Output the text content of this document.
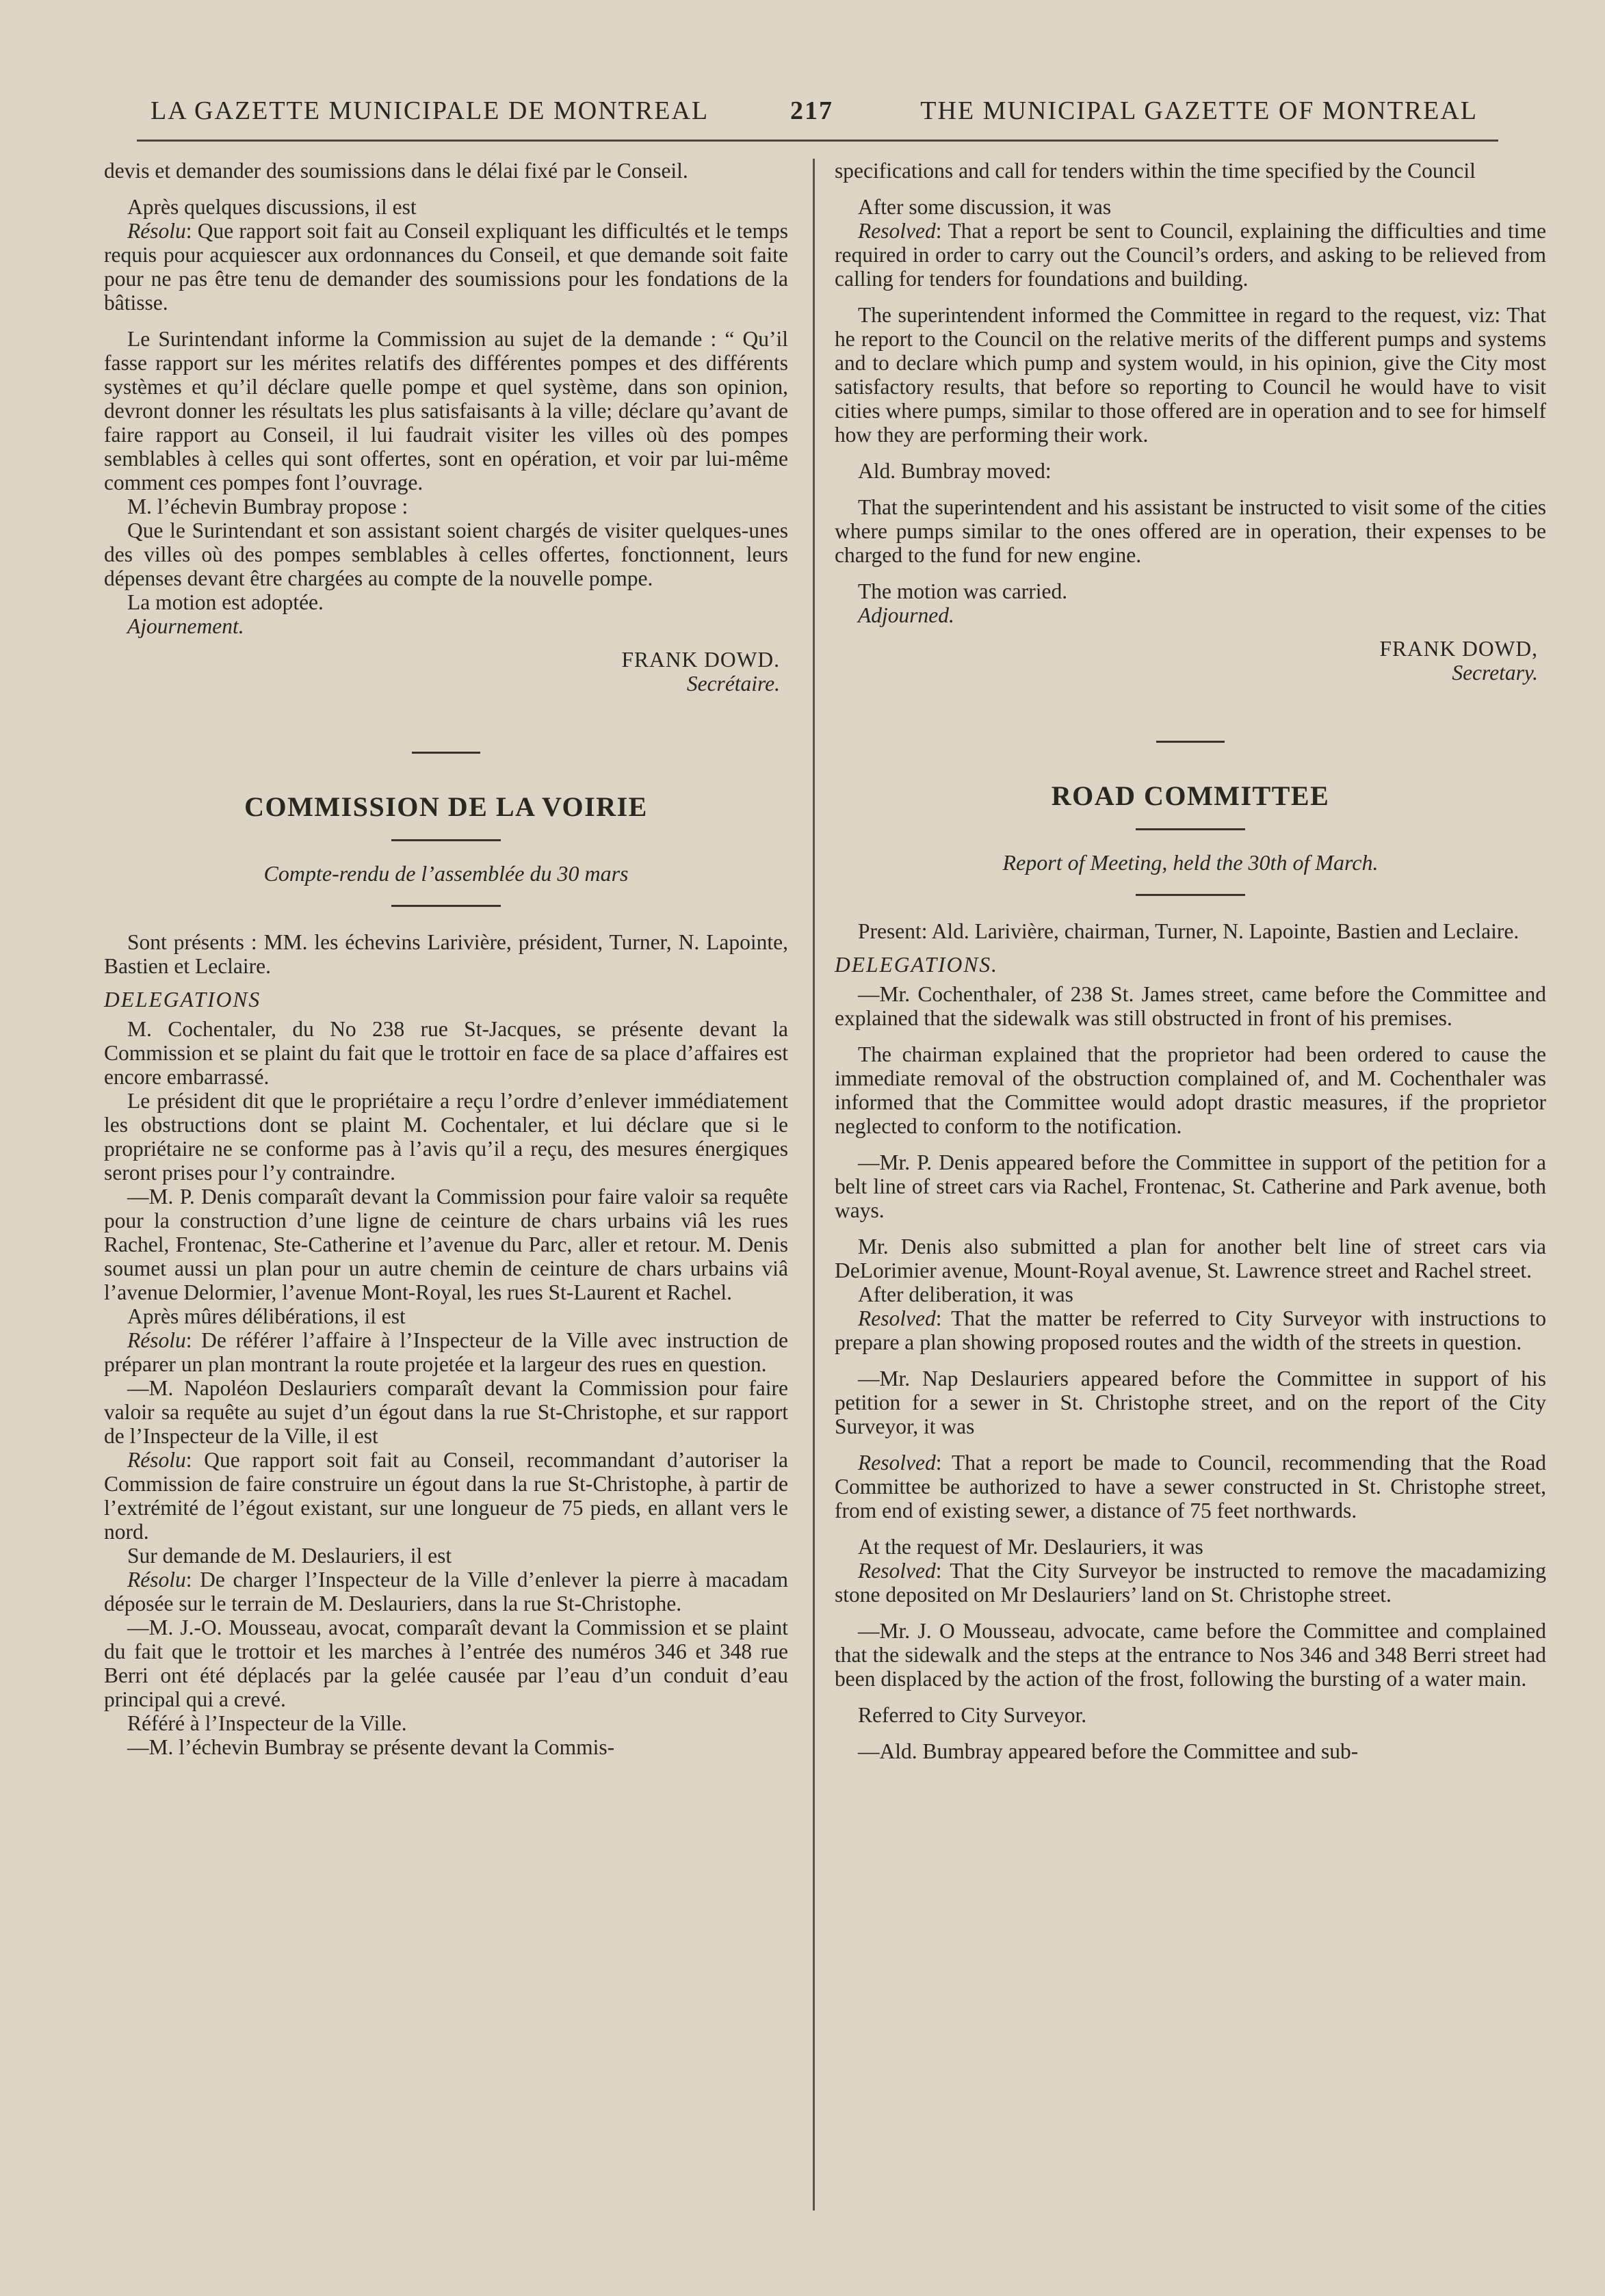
LA GAZETTE MUNICIPALE DE MONTREAL	217	THE MUNICIPAL GAZETTE OF MONTREAL

devis et demander des soumissions dans le délai fixé par le Conseil.

Après quelques discussions, il est

Résolu: Que rapport soit fait au Conseil expliquant les difficultés et le temps requis pour acquiescer aux ordonnances du Conseil, et que demande soit faite pour ne pas être tenu de demander des soumissions pour les fondations de la bâtisse.

Le Surintendant informe la Commission au sujet de la demande : “ Qu’il fasse rapport sur les mérites relatifs des différentes pompes et des différents systèmes et qu’il déclare quelle pompe et quel système, dans son opinion, devront donner les résultats les plus satisfaisants à la ville; déclare qu’avant de faire rapport au Conseil, il lui faudrait visiter les villes où des pompes semblables à celles qui sont offertes, sont en opération, et voir par lui-même comment ces pompes font l’ouvrage.

M. l’échevin Bumbray propose :

Que le Surintendant et son assistant soient chargés de visiter quelques-unes des villes où des pompes semblables à celles offertes, fonctionnent, leurs dépenses devant être chargées au compte de la nouvelle pompe.

La motion est adoptée.

Ajournement.

FRANK DOWD.
Secrétaire.
COMMISSION DE LA VOIRIE
Compte-rendu de l’assemblée du 30 mars

Sont présents : MM. les échevins Larivière, président, Turner, N. Lapointe, Bastien et Leclaire.

DELEGATIONS

M. Cochentaler, du No 238 rue St-Jacques, se présente devant la Commission et se plaint du fait que le trottoir en face de sa place d’affaires est encore embarrassé.

Le président dit que le propriétaire a reçu l’ordre d’enlever immédiatement les obstructions dont se plaint M. Cochentaler, et lui déclare que si le propriétaire ne se conforme pas à l’avis qu’il a reçu, des mesures énergiques seront prises pour l’y contraindre.

—M. P. Denis comparaît devant la Commission pour faire valoir sa requête pour la construction d’une ligne de ceinture de chars urbains viâ les rues Rachel, Frontenac, Ste-Catherine et l’avenue du Parc, aller et retour. M. Denis soumet aussi un plan pour un autre chemin de ceinture de chars urbains viâ l’avenue Delormier, l’avenue Mont-Royal, les rues St-Laurent et Rachel.

Après mûres délibérations, il est

Résolu: De référer l’affaire à l’Inspecteur de la Ville avec instruction de préparer un plan montrant la route projetée et la largeur des rues en question.

—M. Napoléon Deslauriers comparaît devant la Commission pour faire valoir sa requête au sujet d’un égout dans la rue St-Christophe, et sur rapport de l’Inspecteur de la Ville, il est

Résolu: Que rapport soit fait au Conseil, recommandant d’autoriser la Commission de faire construire un égout dans la rue St-Christophe, à partir de l’extrémité de l’égout existant, sur une longueur de 75 pieds, en allant vers le nord.

Sur demande de M. Deslauriers, il est

Résolu: De charger l’Inspecteur de la Ville d’enlever la pierre à macadam déposée sur le terrain de M. Deslauriers, dans la rue St-Christophe.

—M. J.-O. Mousseau, avocat, comparaît devant la Commission et se plaint du fait que le trottoir et les marches à l’entrée des numéros 346 et 348 rue Berri ont été déplacés par la gelée causée par l’eau d’un conduit d’eau principal qui a crevé.

Référé à l’Inspecteur de la Ville.

—M. l’échevin Bumbray se présente devant la Commis-

specifications and call for tenders within the time specified by the Council

After some discussion, it was

Resolved: That a report be sent to Council, explaining the difficulties and time required in order to carry out the Council’s orders, and asking to be relieved from calling for tenders for foundations and building.

The superintendent informed the Committee in regard to the request, viz: That he report to the Council on the relative merits of the different pumps and systems and to declare which pump and system would, in his opinion, give the City most satisfactory results, that before so reporting to Council he would have to visit cities where pumps, similar to those offered are in operation and to see for himself how they are performing their work.

Ald. Bumbray moved:

That the superintendent and his assistant be instructed to visit some of the cities where pumps similar to the ones offered are in operation, their expenses to be charged to the fund for new engine.

The motion was carried.

Adjourned.

FRANK DOWD,
Secretary.
ROAD COMMITTEE
Report of Meeting, held the 30th of March.

Present: Ald. Larivière, chairman, Turner, N. Lapointe, Bastien and Leclaire.

DELEGATIONS.

—Mr. Cochenthaler, of 238 St. James street, came before the Committee and explained that the sidewalk was still obstructed in front of his premises.

The chairman explained that the proprietor had been ordered to cause the immediate removal of the obstruction complained of, and M. Cochenthaler was informed that the Committee would adopt drastic measures, if the proprietor neglected to conform to the notification.

—Mr. P. Denis appeared before the Committee in support of the petition for a belt line of street cars via Rachel, Frontenac, St. Catherine and Park avenue, both ways.

Mr. Denis also submitted a plan for another belt line of street cars via DeLorimier avenue, Mount-Royal avenue, St. Lawrence street and Rachel street.

After deliberation, it was

Resolved: That the matter be referred to City Surveyor with instructions to prepare a plan showing proposed routes and the width of the streets in question.

—Mr. Nap Deslauriers appeared before the Committee in support of his petition for a sewer in St. Christophe street, and on the report of the City Surveyor, it was

Resolved: That a report be made to Council, recommending that the Road Committee be authorized to have a sewer constructed in St. Christophe street, from end of existing sewer, a distance of 75 feet northwards.

At the request of Mr. Deslauriers, it was

Resolved: That the City Surveyor be instructed to remove the macadamizing stone deposited on Mr Deslauriers’ land on St. Christophe street.

—Mr. J. O Mousseau, advocate, came before the Committee and complained that the sidewalk and the steps at the entrance to Nos 346 and 348 Berri street had been displaced by the action of the frost, following the bursting of a water main.

Referred to City Surveyor.

—Ald. Bumbray appeared before the Committee and sub-
